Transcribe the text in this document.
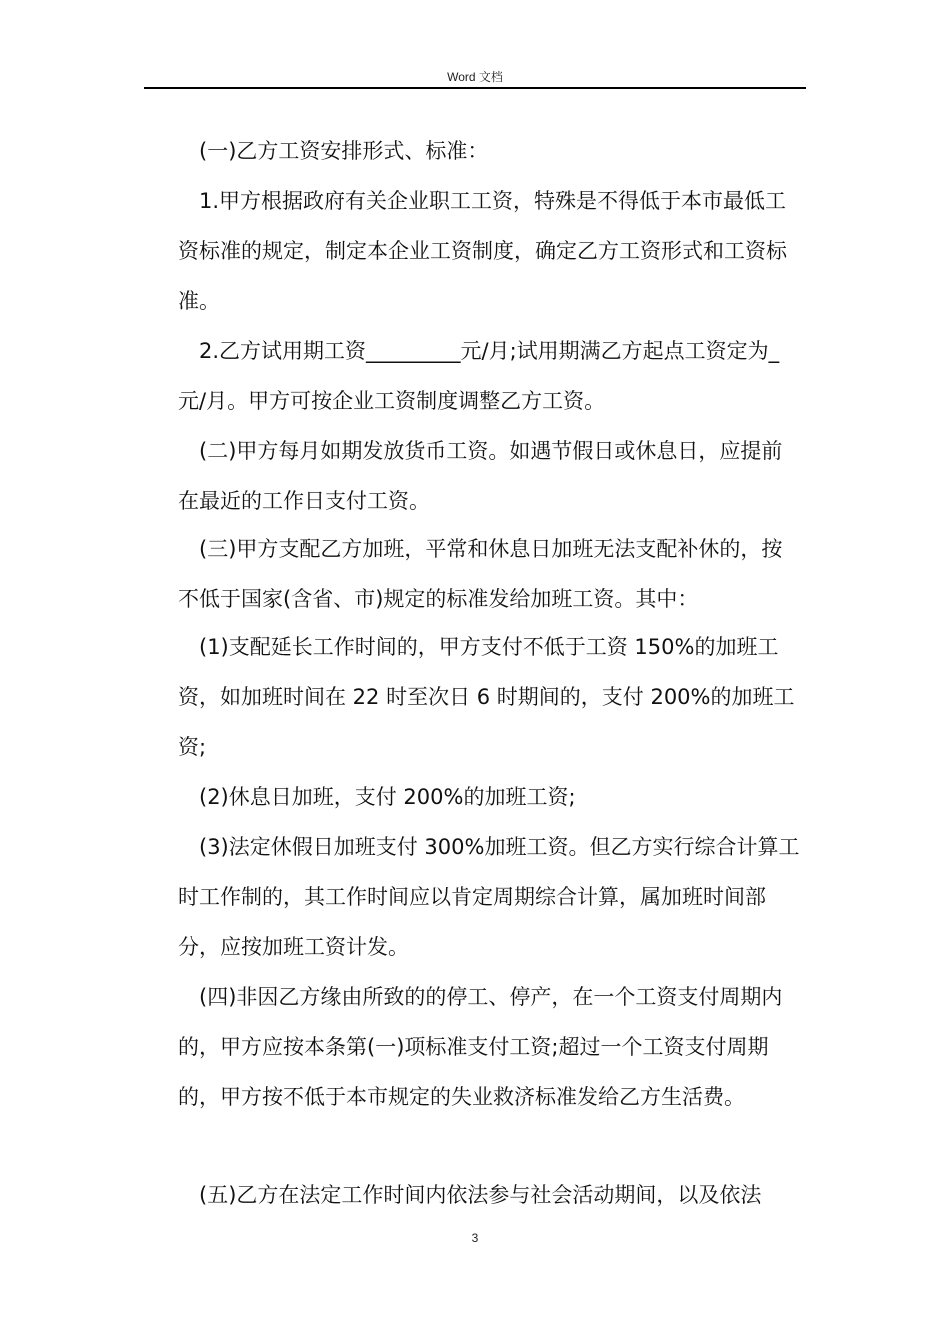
Word 文档
(一)乙方工资安排形式、标准：
1.甲方根据政府有关企业职工工资，特殊是不得低于本市最低工资标准的规定，制定本企业工资制度，确定乙方工资形式和工资标准。
2.乙方试用期工资_________元/月;试用期满乙方起点工资定为_元/月。甲方可按企业工资制度调整乙方工资。
(二)甲方每月如期发放货币工资。如遇节假日或休息日，应提前在最近的工作日支付工资。
(三)甲方支配乙方加班，平常和休息日加班无法支配补休的，按不低于国家(含省、市)规定的标准发给加班工资。其中：
(1)支配延长工作时间的，甲方支付不低于工资 150%的加班工资，如加班时间在 22 时至次日 6 时期间的，支付 200%的加班工资;
(2)休息日加班，支付 200%的加班工资;
(3)法定休假日加班支付 300%加班工资。但乙方实行综合计算工时工作制的，其工作时间应以肯定周期综合计算，属加班时间部分，应按加班工资计发。
(四)非因乙方缘由所致的的停工、停产，在一个工资支付周期内的，甲方应按本条第(一)项标准支付工资;超过一个工资支付周期的，甲方按不低于本市规定的失业救济标准发给乙方生活费。
(五)乙方在法定工作时间内依法参与社会活动期间，以及依法
3
